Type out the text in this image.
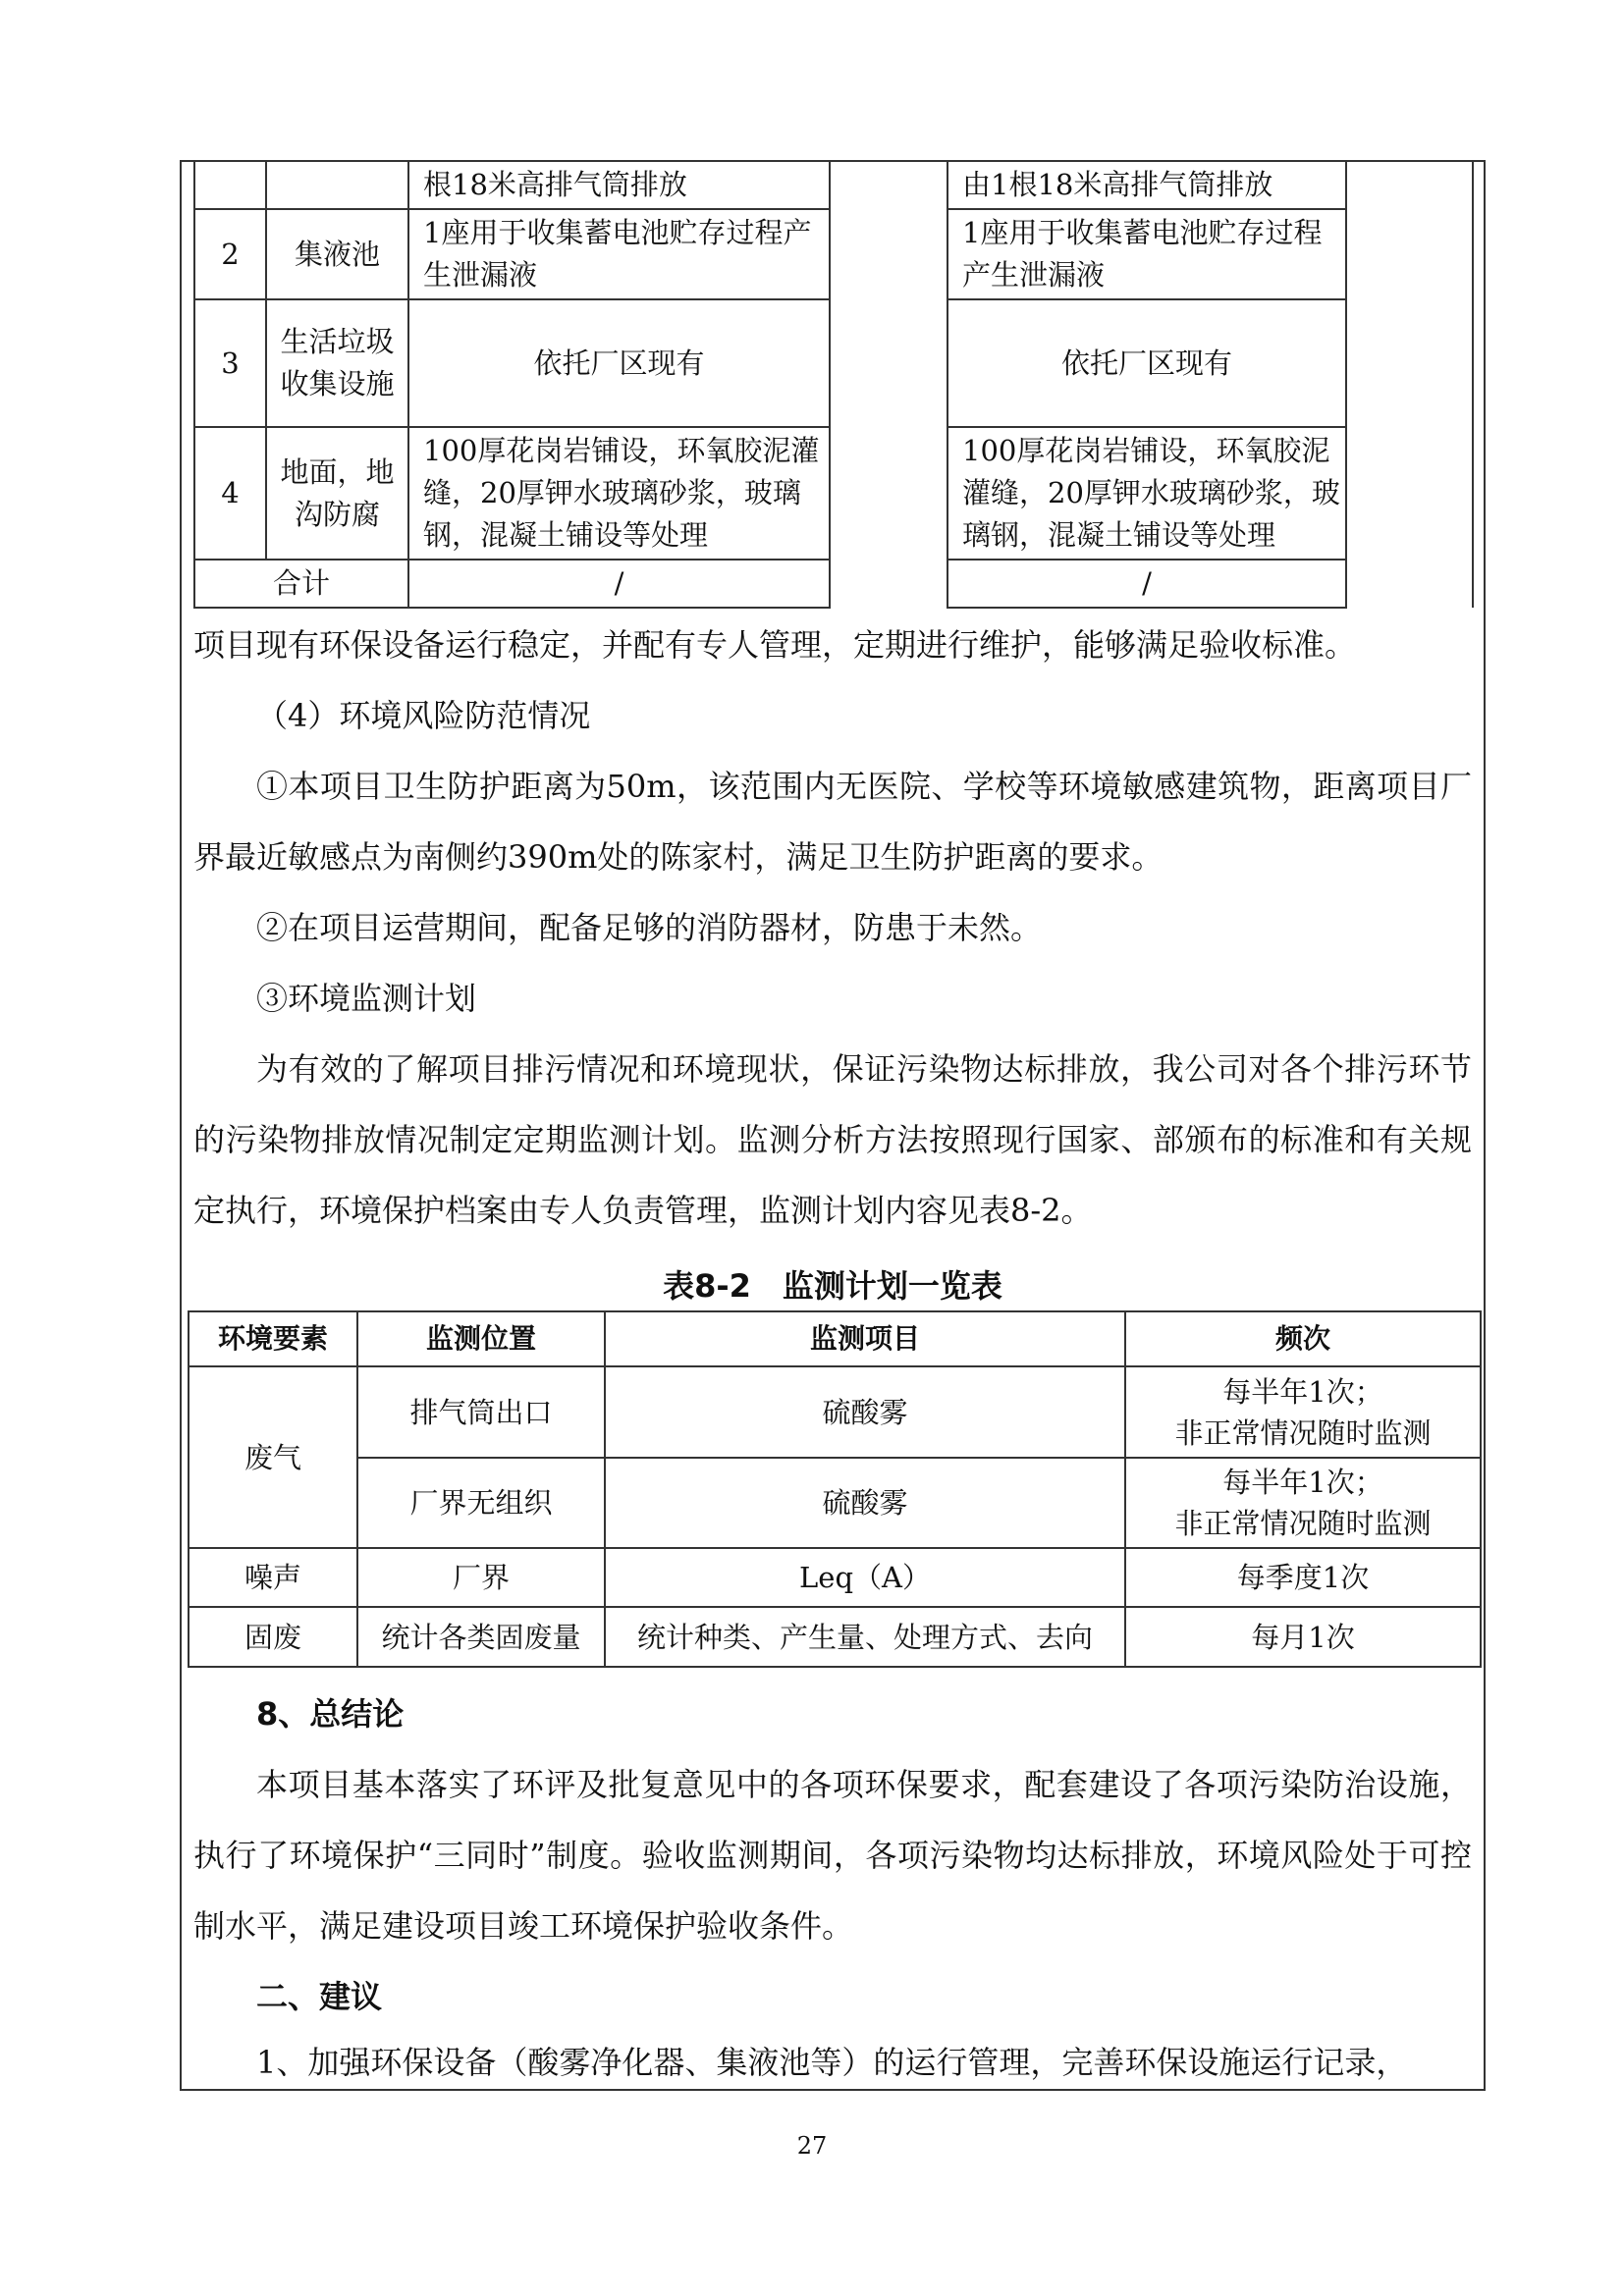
		根18米高排气筒排放		由1根18米高排气筒排放	
2	集液池	1座用于收集蓄电池贮存过程产生泄漏液		1座用于收集蓄电池贮存过程产生泄漏液	
3	生活垃圾收集设施	依托厂区现有		依托厂区现有	
4	地面，地沟防腐	100厚花岗岩铺设，环氧胶泥灌缝，20厚钾水玻璃砂浆，玻璃钢，混凝土铺设等处理		100厚花岗岩铺设，环氧胶泥灌缝，20厚钾水玻璃砂浆，玻璃钢，混凝土铺设等处理	
合计		/		/	

项目现有环保设备运行稳定，并配有专人管理，定期进行维护，能够满足验收标准。

（4）环境风险防范情况

①本项目卫生防护距离为50m，该范围内无医院、学校等环境敏感建筑物，距离项目厂界最近敏感点为南侧约390m处的陈家村，满足卫生防护距离的要求。

②在项目运营期间，配备足够的消防器材，防患于未然。

③环境监测计划

为有效的了解项目排污情况和环境现状，保证污染物达标排放，我公司对各个排污环节的污染物排放情况制定定期监测计划。监测分析方法按照现行国家、部颁布的标准和有关规定执行，环境保护档案由专人负责管理，监测计划内容见表8-2。

表8-2　监测计划一览表
环境要素	监测位置	监测项目	频次
废气	排气筒出口	硫酸雾	每半年1次；
非正常情况随时监测

	厂界无组织	硫酸雾	每半年1次；
非正常情况随时监测

噪声	厂界	Leq（A）	每季度1次
固废	统计各类固废量	统计种类、产生量、处理方式、去向	每月1次

8、总结论

本项目基本落实了环评及批复意见中的各项环保要求，配套建设了各项污染防治设施，执行了环境保护“三同时”制度。验收监测期间，各项污染物均达标排放，环境风险处于可控制水平，满足建设项目竣工环境保护验收条件。

二、建议

1、加强环保设备（酸雾净化器、集液池等）的运行管理，完善环保设施运行记录，

27
